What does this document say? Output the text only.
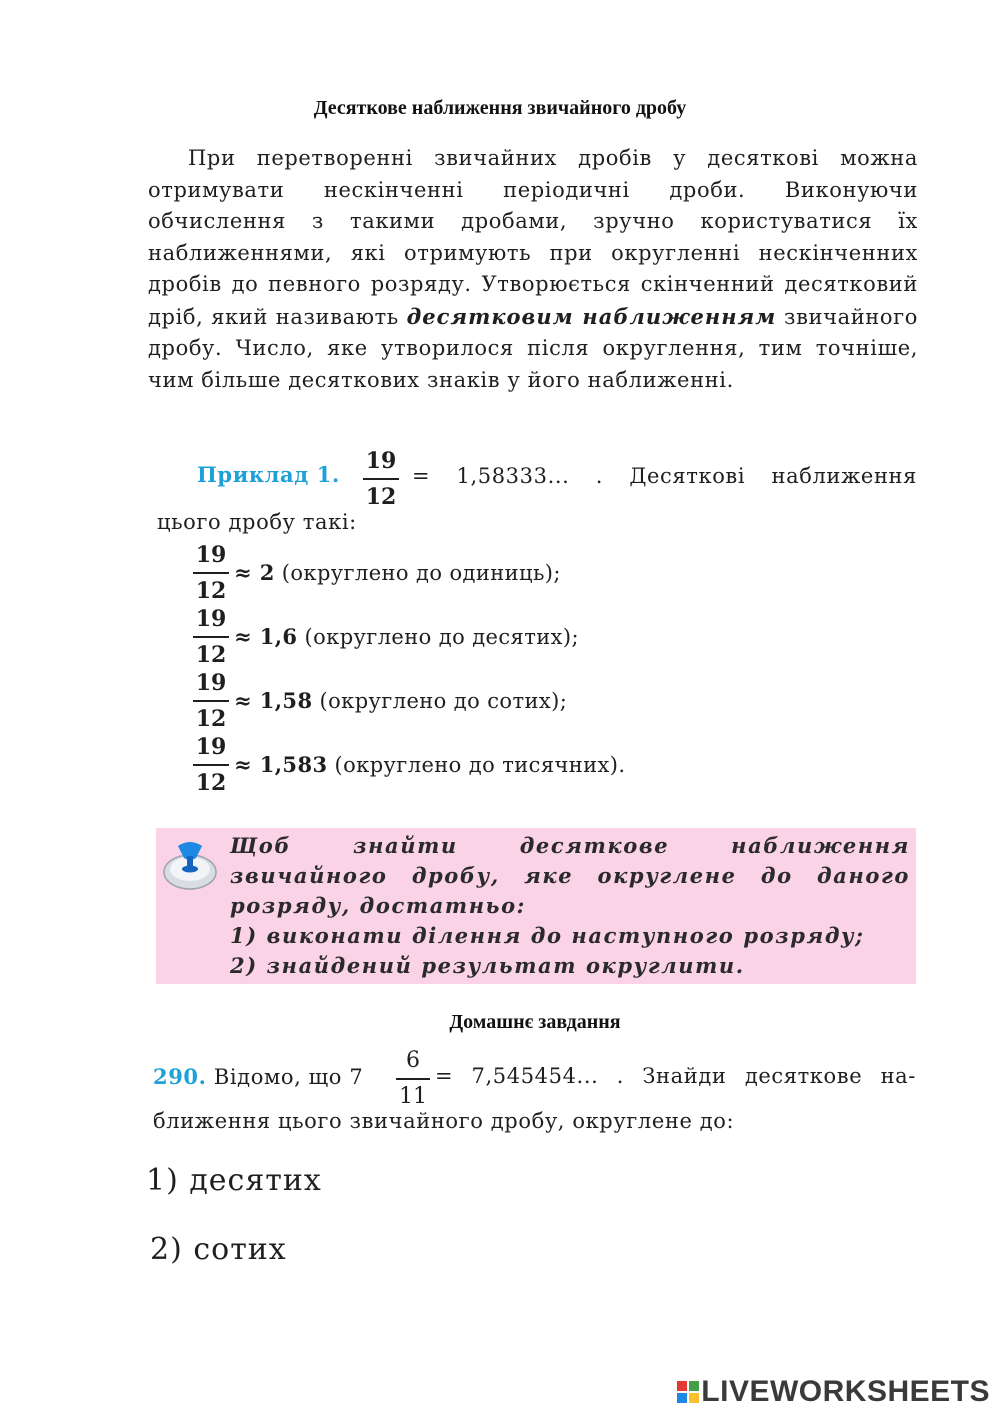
Десяткове наближення звичайного дробу
При перетворенні звичайних дробів у десяткові можна отримувати нескінченні періодичні дроби. Виконуючи обчислення з такими дробами, зручно користуватися їх наближеннями, які отримують при округленні нескінченних дробів до певного розряду. Утворюється скінченний десятковий дріб, який називають десятковим наближенням звичайного дробу. Число, яке утворилося після округлення, тим точніше, чим більше десяткових знаків у його наближенні.
Приклад 1.
19
12
= 1,58333... . Десяткові наближення
цього дробу такі:
19
12
≈ 2 (округлено до одиниць);
19
12
≈ 1,6 (округлено до десятих);
19
12
≈ 1,58 (округлено до сотих);
19
12
≈ 1,583 (округлено до тисячних).
Щоб знайти десяткове наближення звичайного дробу, яке округлене до даного розряду, достатньо:
1) виконати ділення до наступного розряду;
2) знайдений результат округлити.
Домашнє завдання
290. Відомо, що 7
6
11
= 7,545454... . Знайди десяткове на-
ближення цього звичайного дробу, округлене до:
1) десятих
2) сотих
LIVEWORKSHEETS
